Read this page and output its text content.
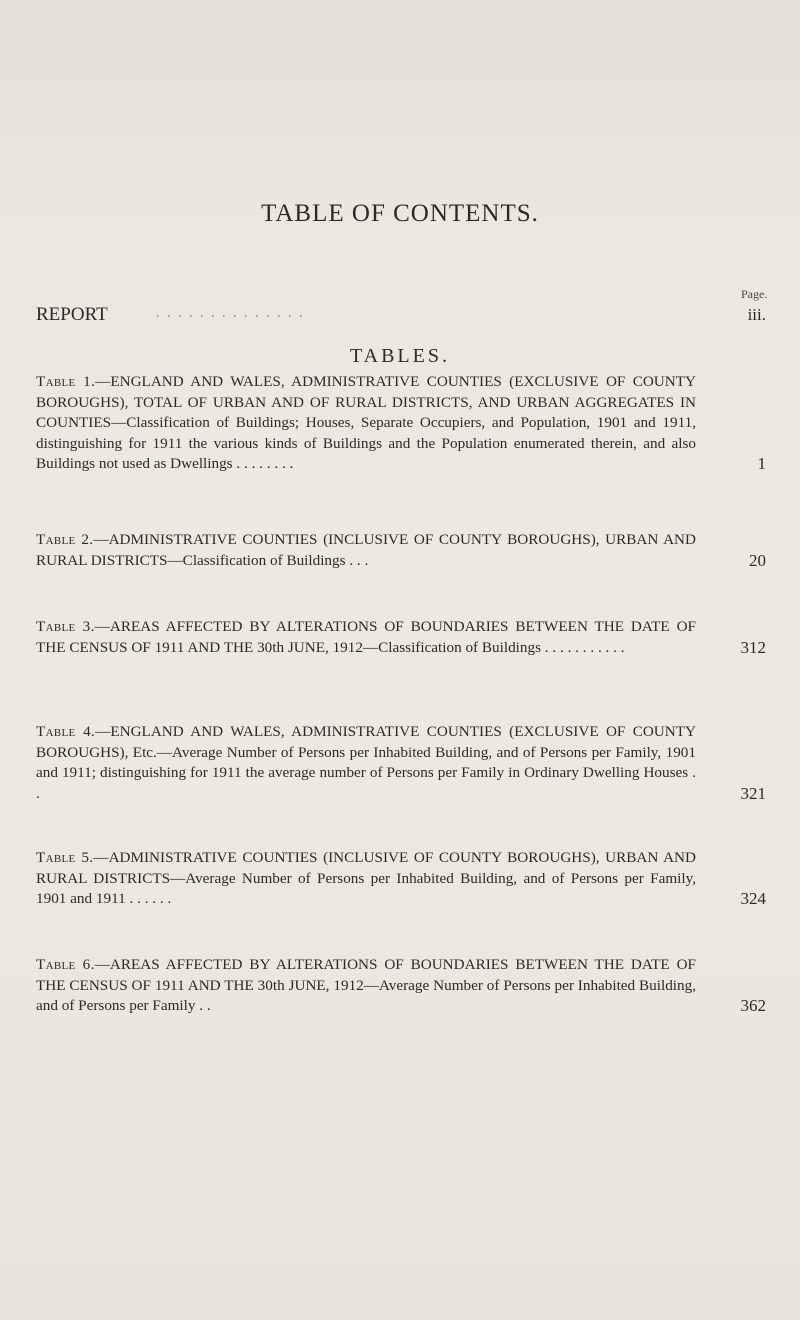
TABLE OF CONTENTS.
Page.
REPORT	. . . . . . . . . . . . . .	iii.
TABLES.
Table 1.—ENGLAND AND WALES, ADMINISTRATIVE COUNTIES (EXCLUSIVE OF COUNTY BOROUGHS), TOTAL OF URBAN AND OF RURAL DISTRICTS, AND URBAN AGGREGATES IN COUNTIES—Classification of Buildings; Houses, Separate Occupiers, and Population, 1901 and 1911, distinguishing for 1911 the various kinds of Buildings and the Population enumerated therein, and also Buildings not used as Dwellings . . . . . . . .	1
Table 2.—ADMINISTRATIVE COUNTIES (INCLUSIVE OF COUNTY BOROUGHS), URBAN AND RURAL DISTRICTS—Classification of Buildings . . .	20
Table 3.—AREAS AFFECTED BY ALTERATIONS OF BOUNDARIES BETWEEN THE DATE OF THE CENSUS OF 1911 AND THE 30th JUNE, 1912—Classification of Buildings . . . . . . . . . . .	312
Table 4.—ENGLAND AND WALES, ADMINISTRATIVE COUNTIES (EXCLUSIVE OF COUNTY BOROUGHS), Etc.—Average Number of Persons per Inhabited Building, and of Persons per Family, 1901 and 1911; distinguishing for 1911 the average number of Persons per Family in Ordinary Dwelling Houses . .	321
Table 5.—ADMINISTRATIVE COUNTIES (INCLUSIVE OF COUNTY BOROUGHS), URBAN AND RURAL DISTRICTS—Average Number of Persons per Inhabited Building, and of Persons per Family, 1901 and 1911 . . . . . .	324
Table 6.—AREAS AFFECTED BY ALTERATIONS OF BOUNDARIES BETWEEN THE DATE OF THE CENSUS OF 1911 AND THE 30th JUNE, 1912—Average Number of Persons per Inhabited Building, and of Persons per Family . .	362
